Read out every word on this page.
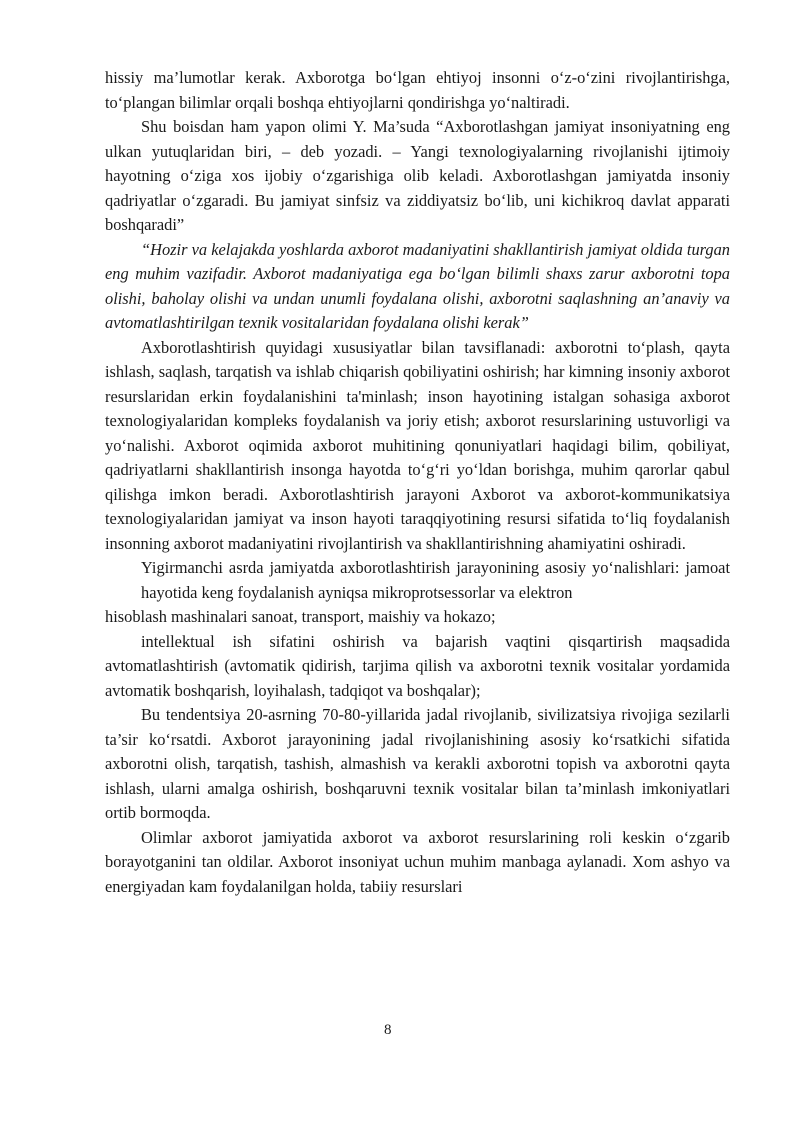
hissiy ma’lumotlar kerak. Axborotga bo‘lgan ehtiyoj insonni o‘z-o‘zini rivojlantirishga, to‘plangan bilimlar orqali boshqa ehtiyojlarni qondirishga yo‘naltiradi.

Shu boisdan ham yapon olimi Y. Ma’suda “Axborotlashgan jamiyat insoniyatning eng ulkan yutuqlaridan biri, – deb yozadi. – Yangi texnologiyalarning rivojlanishi ijtimoiy hayotning o‘ziga xos ijobiy o‘zgarishiga olib keladi. Axborotlashgan jamiyatda insoniy qadriyatlar o‘zgaradi. Bu jamiyat sinfsiz va ziddiyatsiz bo‘lib, uni kichikroq davlat apparati boshqaradi”

“Hozir va kelajakda yoshlarda axborot madaniyatini shakllantirish jamiyat oldida turgan eng muhim vazifadir. Axborot madaniyatiga ega bo‘lgan bilimli shaxs zarur axborotni topa olishi, baholay olishi va undan unumli foydalana olishi, axborotni saqlashning an’anaviy va avtomatlashtirilgan texnik vositalaridan foydalana olishi kerak”

Axborotlashtirish quyidagi xususiyatlar bilan tavsiflanadi: axborotni to‘plash, qayta ishlash, saqlash, tarqatish va ishlab chiqarish qobiliyatini oshirish; har kimning insoniy axborot resurslaridan erkin foydalanishini ta'minlash; inson hayotining istalgan sohasiga axborot texnologiyalaridan kompleks foydalanish va joriy etish; axborot resurslarining ustuvorligi va yo‘nalishi. Axborot oqimida axborot muhitining qonuniyatlari haqidagi bilim, qobiliyat, qadriyatlarni shakllantirish insonga hayotda to‘g‘ri yo‘ldan borishga, muhim qarorlar qabul qilishga imkon beradi. Axborotlashtirish jarayoni Axborot va axborot-kommunikatsiya texnologiyalaridan jamiyat va inson hayoti taraqqiyotining resursi sifatida to‘liq foydalanish insonning axborot madaniyatini rivojlantirish va shakllantirishning ahamiyatini oshiradi.

Yigirmanchi asrda jamiyatda axborotlashtirish jarayonining asosiy yo‘nalishlari: jamoat hayotida keng foydalanish ayniqsa mikroprotsessorlar va elektron

hisoblash mashinalari sanoat, transport, maishiy va hokazo;

intellektual ish sifatini oshirish va bajarish vaqtini qisqartirish maqsadida avtomatlashtirish (avtomatik qidirish, tarjima qilish va axborotni texnik vositalar yordamida avtomatik boshqarish, loyihalash, tadqiqot va boshqalar);

Bu tendentsiya 20-asrning 70-80-yillarida jadal rivojlanib, sivilizatsiya rivojiga sezilarli ta’sir ko‘rsatdi. Axborot jarayonining jadal rivojlanishining asosiy ko‘rsatkichi sifatida axborotni olish, tarqatish, tashish, almashish va kerakli axborotni topish va axborotni qayta ishlash, ularni amalga oshirish, boshqaruvni texnik vositalar bilan ta’minlash imkoniyatlari ortib bormoqda.

Olimlar axborot jamiyatida axborot va axborot resurslarining roli keskin o‘zgarib borayotganini tan oldilar. Axborot insoniyat uchun muhim manbaga aylanadi. Xom ashyo va energiyadan kam foydalanilgan holda, tabiiy resurslari

8
